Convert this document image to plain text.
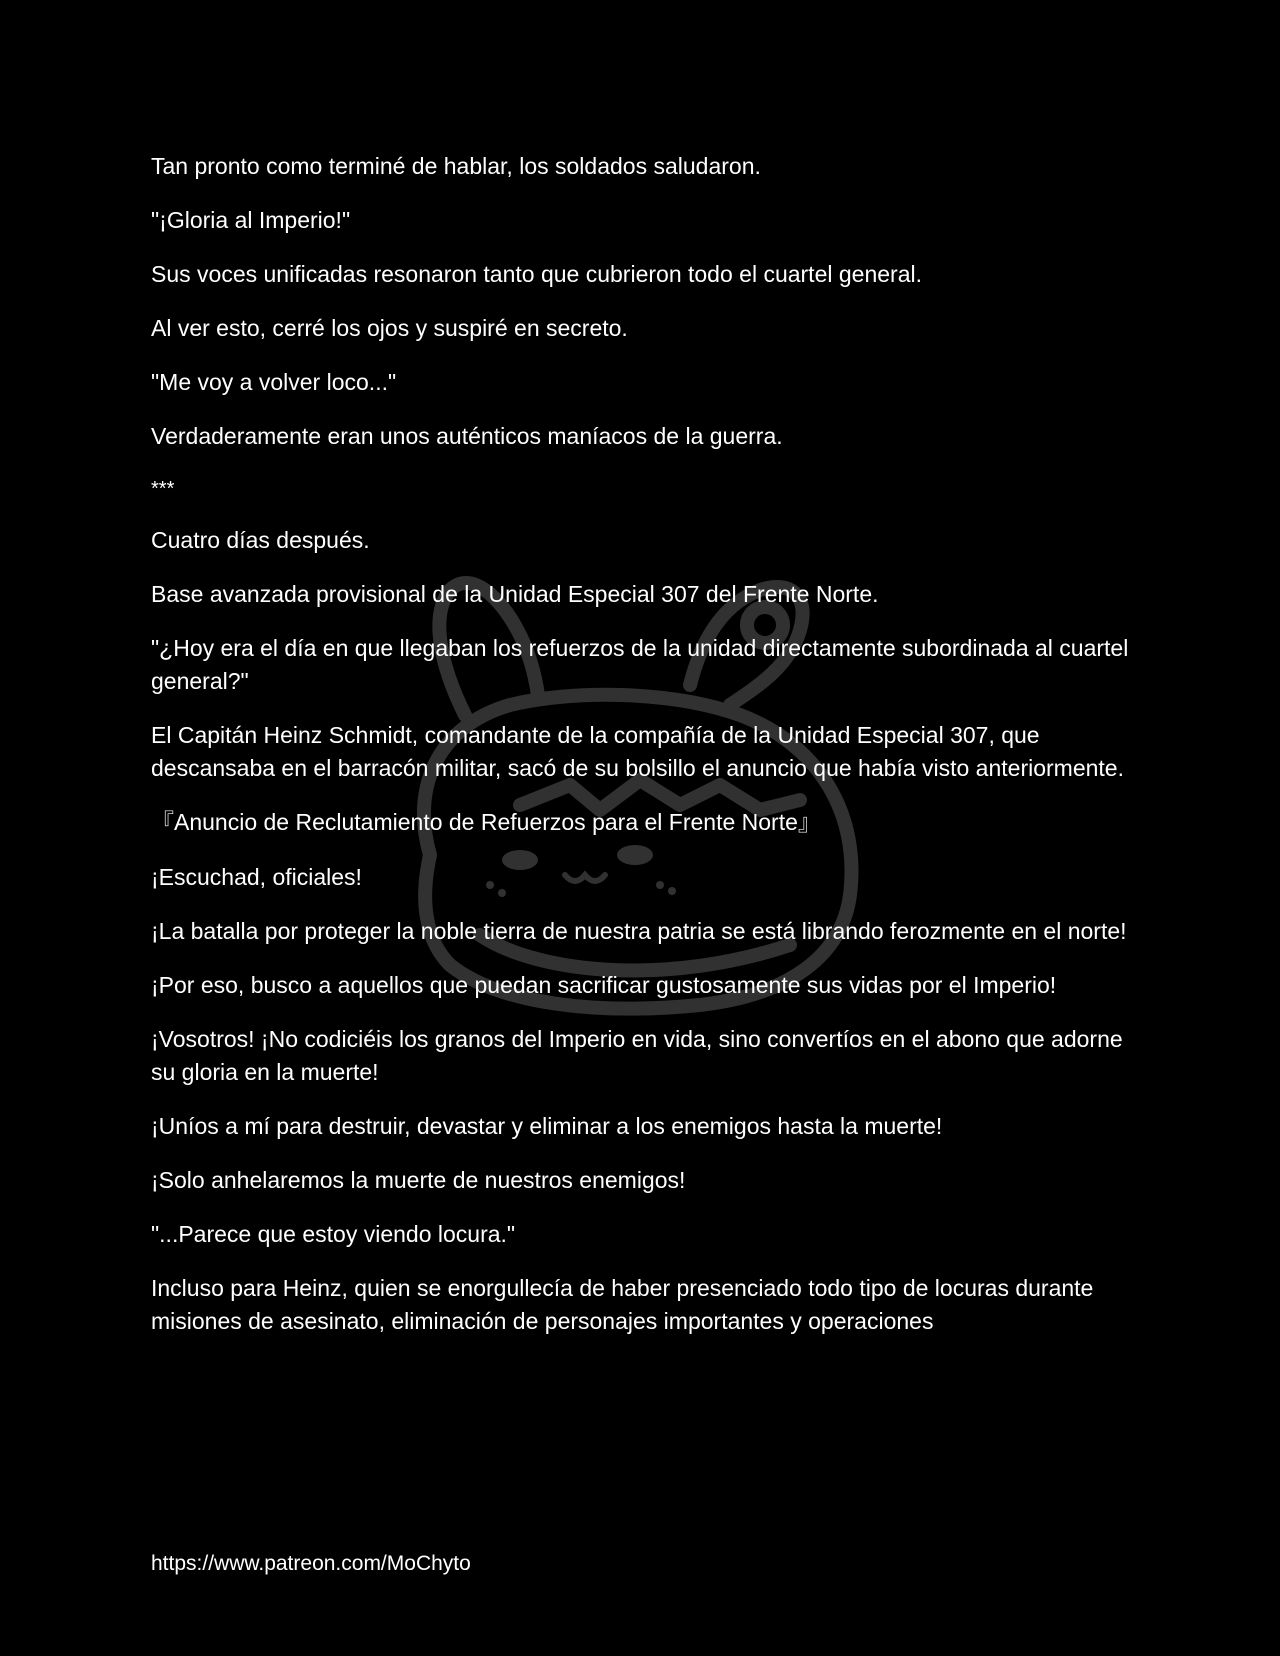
Tan pronto como terminé de hablar, los soldados saludaron.

"¡Gloria al Imperio!"

Sus voces unificadas resonaron tanto que cubrieron todo el cuartel general.

Al ver esto, cerré los ojos y suspiré en secreto.

"Me voy a volver loco..."

Verdaderamente eran unos auténticos maníacos de la guerra.

***

Cuatro días después.

Base avanzada provisional de la Unidad Especial 307 del Frente Norte.

"¿Hoy era el día en que llegaban los refuerzos de la unidad directamente subordinada al cuartel general?"

El Capitán Heinz Schmidt, comandante de la compañía de la Unidad Especial 307, que descansaba en el barracón militar, sacó de su bolsillo el anuncio que había visto anteriormente.

『Anuncio de Reclutamiento de Refuerzos para el Frente Norte』

¡Escuchad, oficiales!

¡La batalla por proteger la noble tierra de nuestra patria se está librando ferozmente en el norte!

¡Por eso, busco a aquellos que puedan sacrificar gustosamente sus vidas por el Imperio!

¡Vosotros! ¡No codiciéis los granos del Imperio en vida, sino convertíos en el abono que adorne su gloria en la muerte!

¡Uníos a mí para destruir, devastar y eliminar a los enemigos hasta la muerte!

¡Solo anhelaremos la muerte de nuestros enemigos!

"...Parece que estoy viendo locura."

Incluso para Heinz, quien se enorgullecía de haber presenciado todo tipo de locuras durante misiones de asesinato, eliminación de personajes importantes y operaciones

https://www.patreon.com/MoChyto
